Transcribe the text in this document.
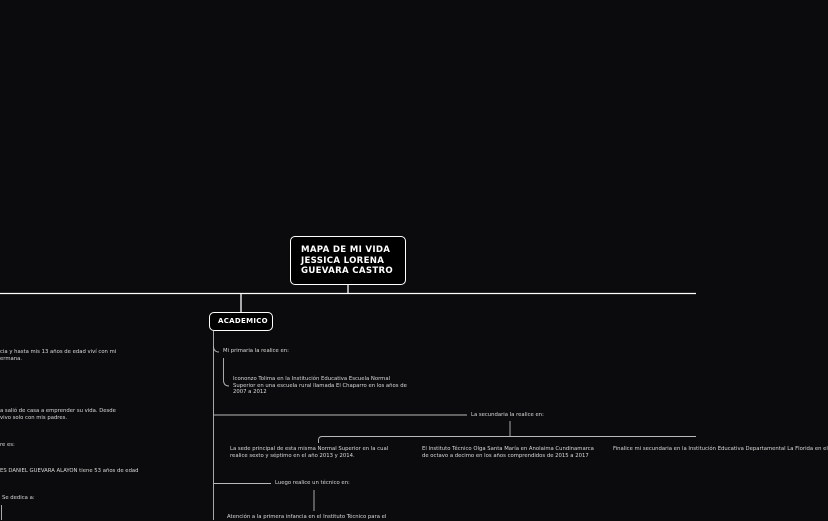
MAPA DE MI VIDA
JESSICA LORENA
GUEVARA CASTRO
ACADEMICO
Mi primaria la realice en:
Icononzo Tolima en la Institución Educativa Escuela Normal Superior en una escuela rural llamada El Chaparro en los años de 2007 a 2012
La secundaria la realice en:
La sede principal de esta misma Normal Superior en la cual realice sexto y séptimo en el año 2013 y 2014.
El Instituto Técnico Olga Santa María en Anolaima Cundinamarca de octavo a decimo en los años comprendidos de 2015 a 2017
Finalice mi secundaria en la Institución Educativa Departamental La Florida en el
Luego realice un técnico en:
Atención a la primera infancia en el Instituto Técnico para el
cia y hasta mis 13 años de edad viví con mi
ermana.
a salió de casa a emprender su vida. Desde
vivo solo con mis padres.
re es:
ES DANIEL GUEVARA ALAYON tiene 53 años de edad
Se dedica a:
